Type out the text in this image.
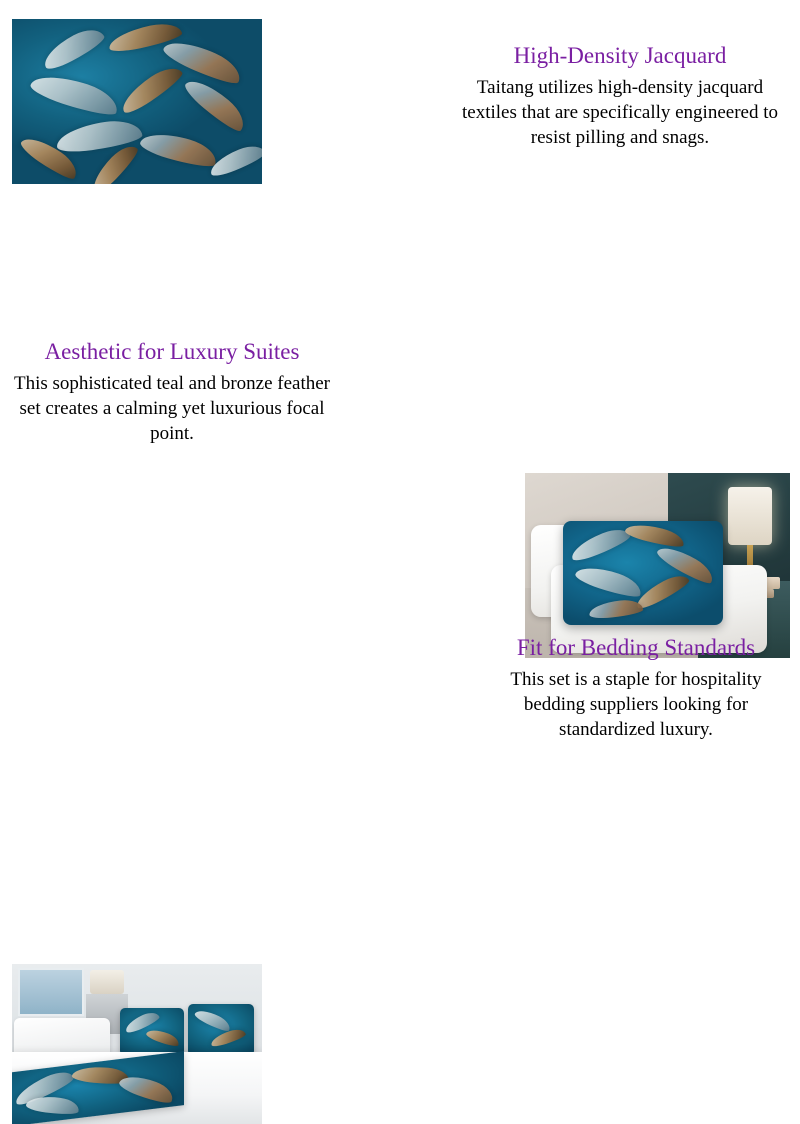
High-Density Jacquard

Taitang utilizes high-density jacquard textiles that are specifically engineered to resist pilling and snags.

Aesthetic for Luxury Suites

This sophisticated teal and bronze feather set creates a calming yet luxurious focal point.

Fit for Bedding Standards

This set is a staple for hospitality bedding suppliers looking for standardized luxury.
